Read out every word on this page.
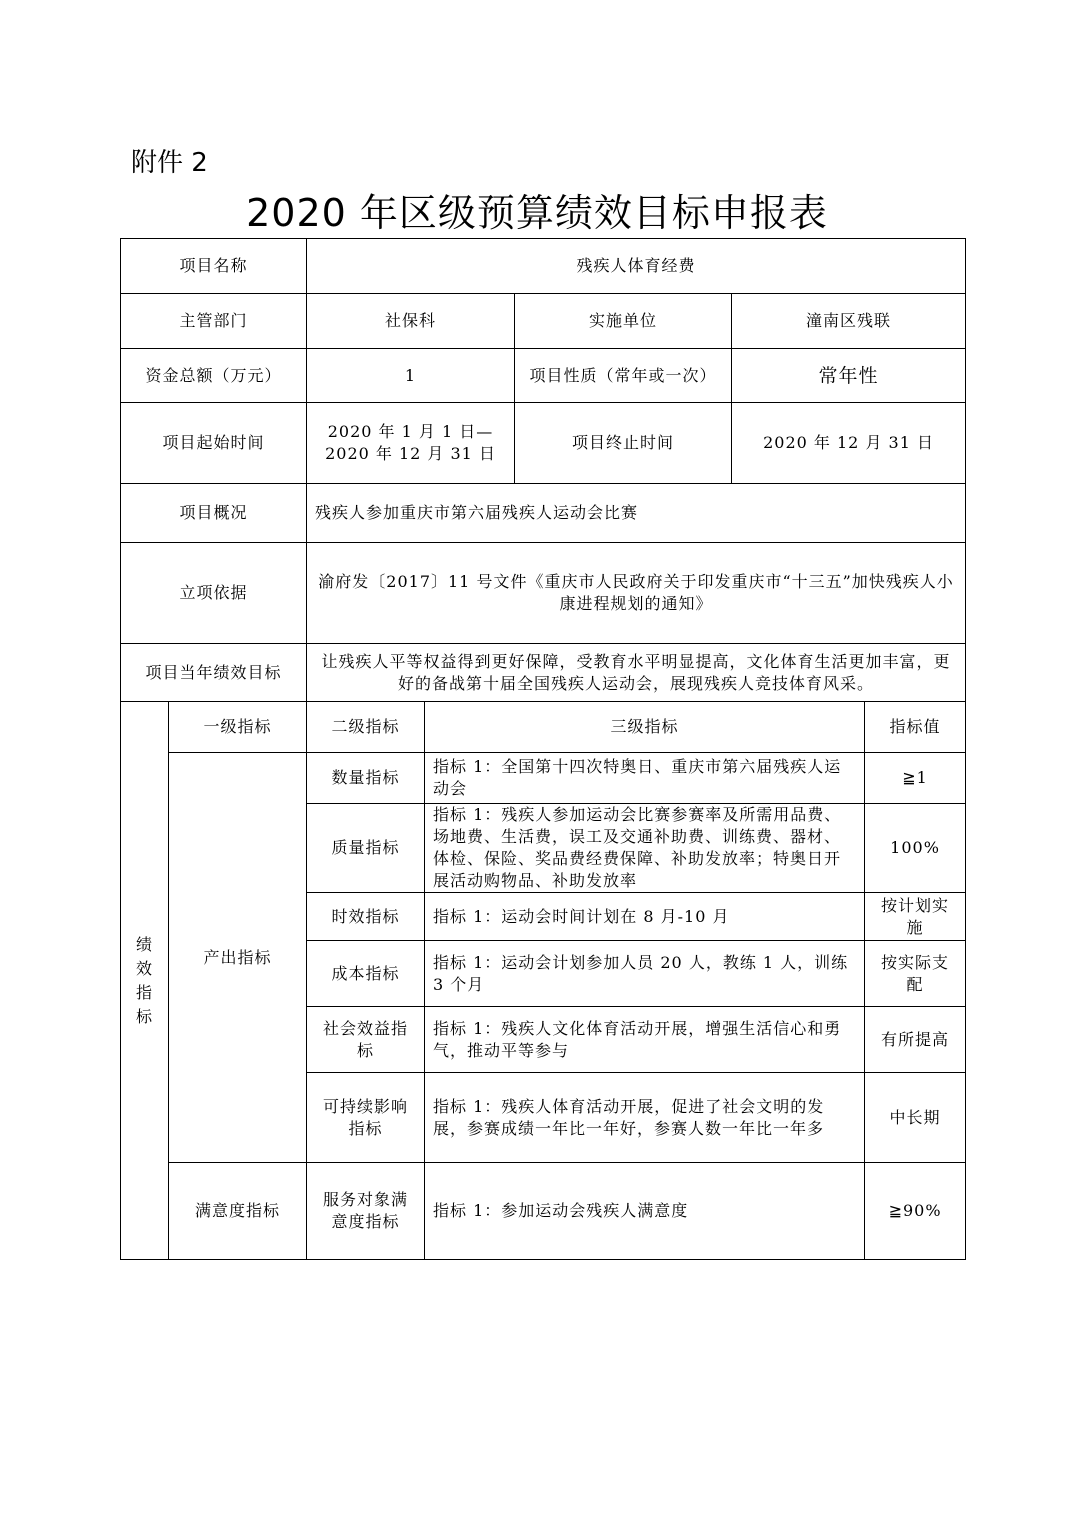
附件 2
2020 年区级预算绩效目标申报表
项目名称		残疾人体育经费				
主管部门		社保科		实施单位	潼南区残联	
资金总额（万元）		1		项目性质（常年或一次）	常年性	
项目起始时间		2020 年 1 月 1 日—2020 年 12 月 31 日		项目终止时间	2020 年 12 月 31 日	
项目概况		残疾人参加重庆市第六届残疾人运动会比赛				
立项依据		渝府发〔2017〕11 号文件《重庆市人民政府关于印发重庆市“十三五”加快残疾人小康进程规划的通知》				
项目当年绩效目标		让残疾人平等权益得到更好保障，受教育水平明显提高，文化体育生活更加丰富，更好的备战第十届全国残疾人运动会，展现残疾人竞技体育风采。				
绩效指标	一级指标	二级指标	三级指标			指标值
	产出指标	数量指标	指标 1：全国第十四次特奥日、重庆市第六届残疾人运动会			≧1
		质量指标	指标 1：残疾人参加运动会比赛参赛率及所需用品费、场地费、生活费，误工及交通补助费、训练费、器材、体检、保险、奖品费经费保障、补助发放率；特奥日开展活动购物品、补助发放率			100%
		时效指标	指标 1：运动会时间计划在 8 月-10 月			按计划实施
		成本指标	指标 1：运动会计划参加人员 20 人，教练 1 人，训练 3 个月			按实际支配
		社会效益指标	指标 1：残疾人文化体育活动开展，增强生活信心和勇气，推动平等参与			有所提高
		可持续影响指标	指标 1：残疾人体育活动开展，促进了社会文明的发展，参赛成绩一年比一年好，参赛人数一年比一年多			中长期
	满意度指标	服务对象满意度指标	指标 1：参加运动会残疾人满意度			≧90%
